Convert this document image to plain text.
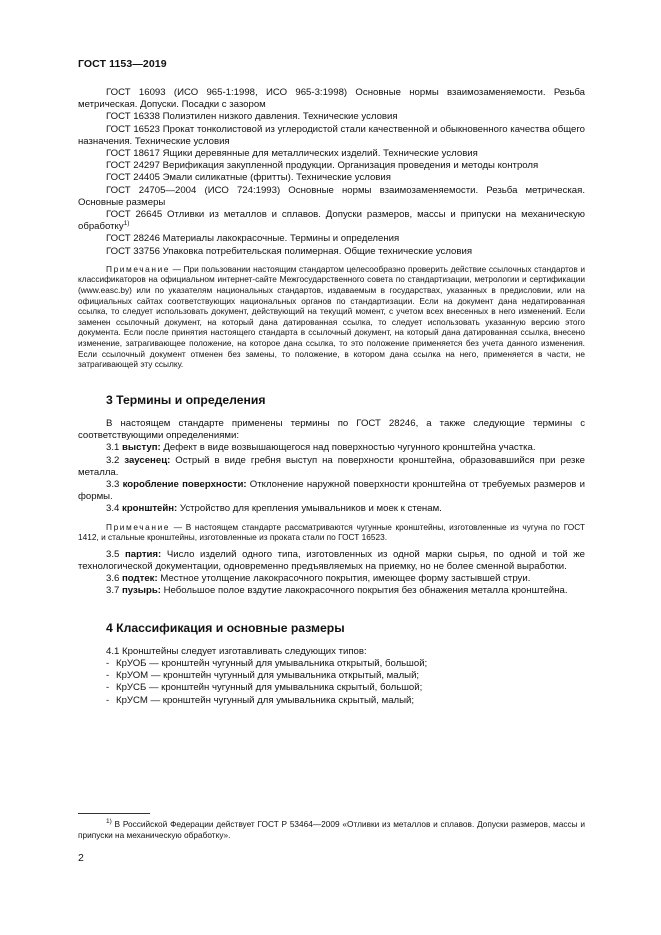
ГОСТ 1153—2019

ГОСТ 16093 (ИСО 965-1:1998, ИСО 965-3:1998) Основные нормы взаимозаменяемости. Резьба метрическая. Допуски. Посадки с зазором

ГОСТ 16338 Полиэтилен низкого давления. Технические условия

ГОСТ 16523 Прокат тонколистовой из углеродистой стали качественной и обыкновенного качества общего назначения. Технические условия

ГОСТ 18617 Ящики деревянные для металлических изделий. Технические условия

ГОСТ 24297 Верификация закупленной продукции. Организация проведения и методы контроля

ГОСТ 24405 Эмали силикатные (фритты). Технические условия

ГОСТ 24705—2004 (ИСО 724:1993) Основные нормы взаимозаменяемости. Резьба метрическая. Основные размеры

ГОСТ 26645 Отливки из металлов и сплавов. Допуски размеров, массы и припуски на механическую обработку$^{1)}$

ГОСТ 28246 Материалы лакокрасочные. Термины и определения

ГОСТ 33756 Упаковка потребительская полимерная. Общие технические условия

Примечание — При пользовании настоящим стандартом целесообразно проверить действие ссылочных стандартов и классификаторов на официальном интернет-сайте Межгосударственного совета по стандартизации, метрологии и сертификации (www.easc.by) или по указателям национальных стандартов, издаваемым в государствах, указанных в предисловии, или на официальных сайтах соответствующих национальных органов по стандартизации. Если на документ дана недатированная ссылка, то следует использовать документ, действующий на текущий момент, с учетом всех внесенных в него изменений. Если заменен ссылочный документ, на который дана датированная ссылка, то следует использовать указанную версию этого документа. Если после принятия настоящего стандарта в ссылочный документ, на который дана датированная ссылка, внесено изменение, затрагивающее положение, на которое дана ссылка, то это положение применяется без учета данного изменения. Если ссылочный документ отменен без замены, то положение, в котором дана ссылка на него, применяется в части, не затрагивающей эту ссылку.

3 Термины и определения

В настоящем стандарте применены термины по ГОСТ 28246, а также следующие термины с соответствующими определениями:

3.1 выступ: Дефект в виде возвышающегося над поверхностью чугунного кронштейна участка.

3.2 заусенец: Острый в виде гребня выступ на поверхности кронштейна, образовавшийся при резке металла.

3.3 коробление поверхности: Отклонение наружной поверхности кронштейна от требуемых размеров и формы.

3.4 кронштейн: Устройство для крепления умывальников и моек к стенам.

Примечание — В настоящем стандарте рассматриваются чугунные кронштейны, изготовленные из чугуна по ГОСТ 1412, и стальные кронштейны, изготовленные из проката стали по ГОСТ 16523.

3.5 партия: Число изделий одного типа, изготовленных из одной марки сырья, по одной и той же технологической документации, одновременно предъявляемых на приемку, но не более сменной выработки.

3.6 подтек: Местное утолщение лакокрасочного покрытия, имеющее форму застывшей струи.

3.7 пузырь: Небольшое полое вздутие лакокрасочного покрытия без обнажения металла кронштейна.

4 Классификация и основные размеры

4.1 Кронштейны следует изготавливать следующих типов:

- КрУОБ — кронштейн чугунный для умывальника открытый, большой;

- КрУОМ — кронштейн чугунный для умывальника открытый, малый;

- КрУСБ — кронштейн чугунный для умывальника скрытый, большой;

- КрУСМ — кронштейн чугунный для умывальника скрытый, малый;

$^{1)}$ В Российской Федерации действует ГОСТ Р 53464—2009 «Отливки из металлов и сплавов. Допуски размеров, массы и припуски на механическую обработку».

2
